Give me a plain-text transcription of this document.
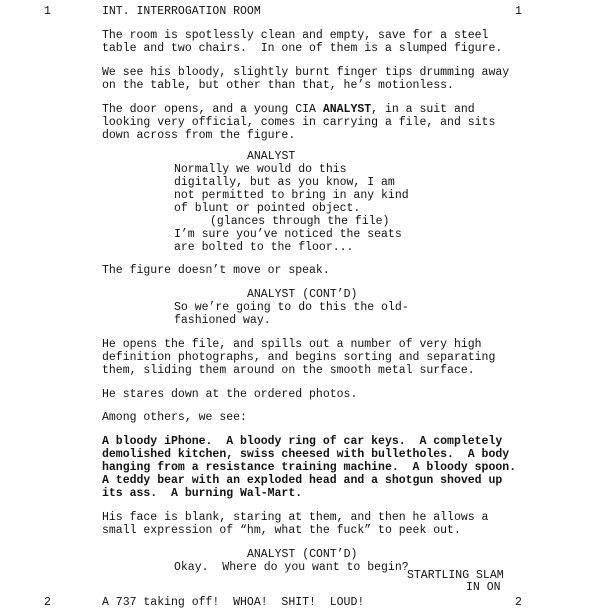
1	INT. INTERROGATION ROOM	1
The room is spotlessly clean and empty, save for a steel
table and two chairs.  In one of them is a slumped figure.
We see his bloody, slightly burnt finger tips drumming away
on the table, but other than that, he’s motionless.
The door opens, and a young CIA ANALYST, in a suit and
looking very official, comes in carrying a file, and sits
down across from the figure.
ANALYST
Normally we would do this
digitally, but as you know, I am
not permitted to bring in any kind
of blunt or pointed object.
(glances through the file)
I’m sure you’ve noticed the seats
are bolted to the floor...
The figure doesn’t move or speak.
ANALYST (CONT’D)
So we’re going to do this the old-
fashioned way.
He opens the file, and spills out a number of very high
definition photographs, and begins sorting and separating
them, sliding them around on the smooth metal surface.
He stares down at the ordered photos.
Among others, we see:
A bloody iPhone.  A bloody ring of car keys.  A completely
demolished kitchen, swiss cheesed with bulletholes.  A body
hanging from a resistance training machine.  A bloody spoon.
A teddy bear with an exploded head and a shotgun shoved up
its ass.  A burning Wal-Mart.
His face is blank, staring at them, and then he allows a
small expression of “hm, what the fuck” to peek out.
ANALYST (CONT’D)
Okay.  Where do you want to begin?
STARTLING SLAM
IN ON
2	A 737 taking off!  WHOA!  SHIT!  LOUD!	2
